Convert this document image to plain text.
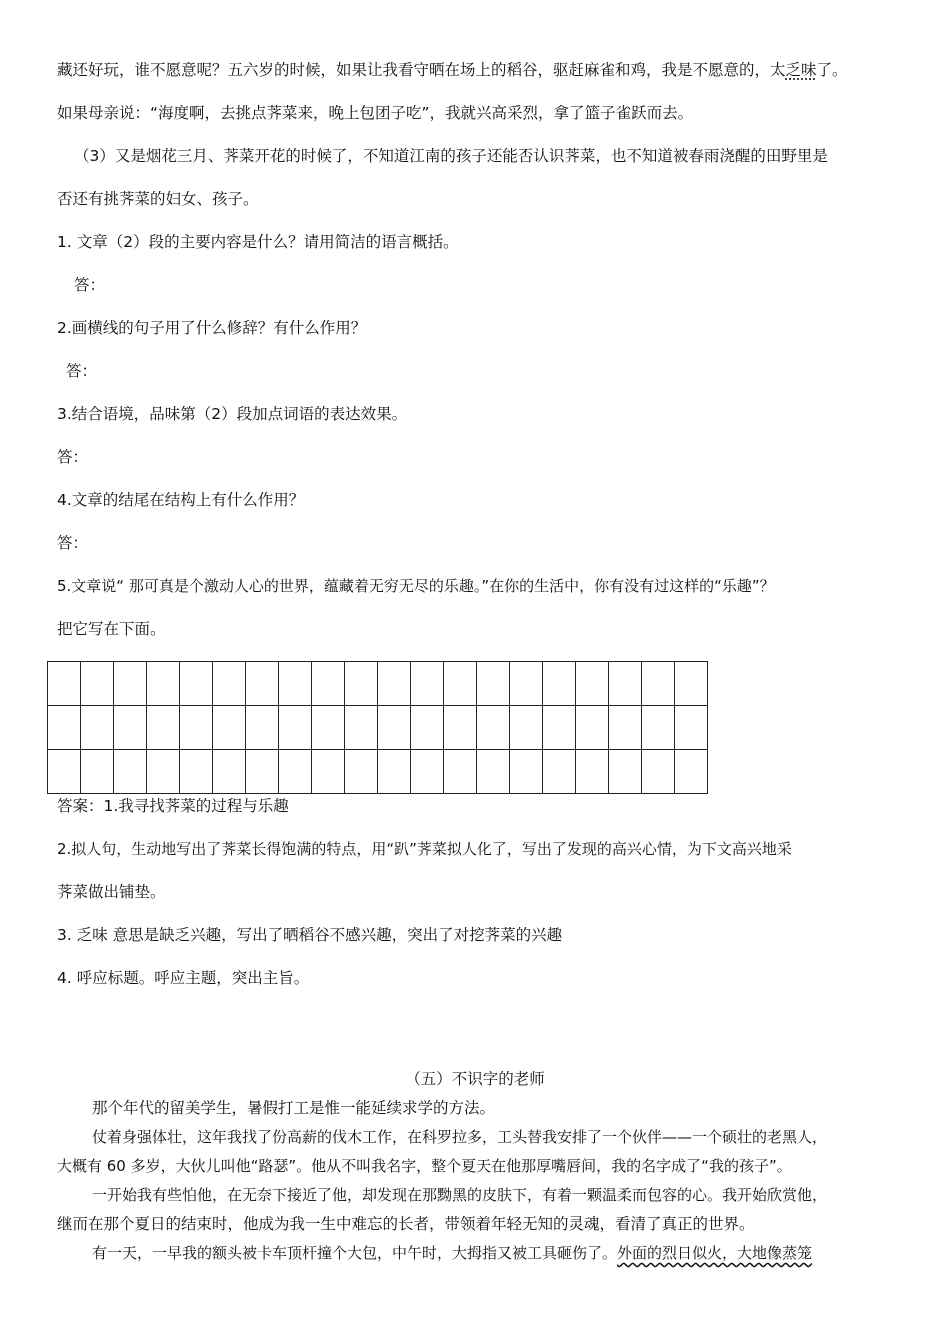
藏还好玩，谁不愿意呢？五六岁的时候，如果让我看守晒在场上的稻谷，驱赶麻雀和鸡，我是不愿意的，太乏味了。
如果母亲说：“海度啊，去挑点荠菜来，晚上包团子吃”，我就兴高采烈，拿了篮子雀跃而去。
（3）又是烟花三月、荠菜开花的时候了，不知道江南的孩子还能否认识荠菜，也不知道被春雨浇醒的田野里是
否还有挑荠菜的妇女、孩子。
1. 文章（2）段的主要内容是什么？请用简洁的语言概括。
答：
2.画横线的句子用了什么修辞？有什么作用？
答：
3.结合语境，品味第（2）段加点词语的表达效果。
答：
4.文章的结尾在结构上有什么作用？
答：
5.文章说“ 那可真是个激动人心的世界，蕴藏着无穷无尽的乐趣。”在你的生活中，你有没有过这样的“乐趣”？
把它写在下面。

答案：1.我寻找荠菜的过程与乐趣
2.拟人句，生动地写出了荠菜长得饱满的特点，用“趴”荠菜拟人化了，写出了发现的高兴心情，为下文高兴地采
荠菜做出铺垫。
3. 乏味 意思是缺乏兴趣，写出了晒稻谷不感兴趣，突出了对挖荠菜的兴趣
4. 呼应标题。呼应主题，突出主旨。
（五）不识字的老师
那个年代的留美学生，暑假打工是惟一能延续求学的方法。
仗着身强体壮，这年我找了份高薪的伐木工作，在科罗拉多，工头替我安排了一个伙伴——一个硕壮的老黑人，
大概有 60 多岁，大伙儿叫他“路瑟”。他从不叫我名字，整个夏天在他那厚嘴唇间，我的名字成了“我的孩子”。
一开始我有些怕他，在无奈下接近了他，却发现在那黝黑的皮肤下，有着一颗温柔而包容的心。我开始欣赏他，
继而在那个夏日的结束时，他成为我一生中难忘的长者，带领着年轻无知的灵魂，看清了真正的世界。
有一天，一早我的额头被卡车顶杆撞个大包，中午时，大拇指又被工具砸伤了。外面的烈日似火，大地像蒸笼
